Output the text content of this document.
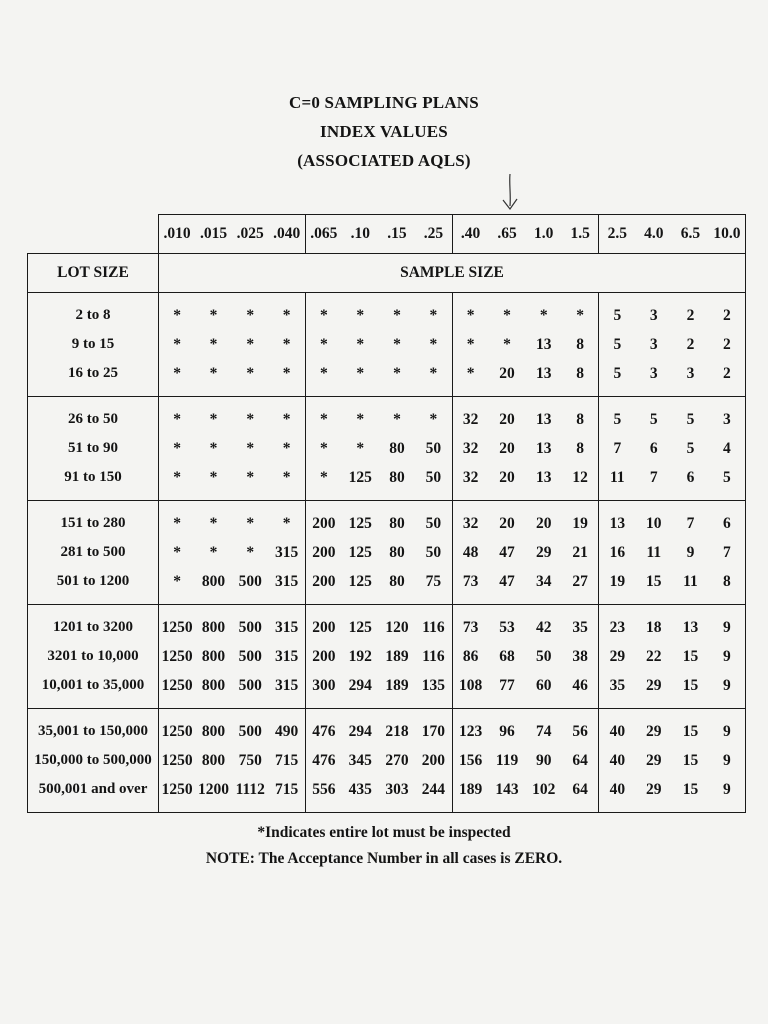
C=0 SAMPLING PLANS
INDEX VALUES
(ASSOCIATED AQLS)
	.010	.015	.025	.040	.065	.10	.15	.25	.40	.65	1.0	1.5	2.5	4.0	6.5	10.0
LOT SIZE	SAMPLE SIZE															
2 to 8	*	*	*	*	*	*	*	*	*	*	*	*	5	3	2	2
9 to 15	*	*	*	*	*	*	*	*	*	*	13	8	5	3	2	2
16 to 25	*	*	*	*	*	*	*	*	*	20	13	8	5	3	3	2
26 to 50	*	*	*	*	*	*	*	*	32	20	13	8	5	5	5	3
51 to 90	*	*	*	*	*	*	80	50	32	20	13	8	7	6	5	4
91 to 150	*	*	*	*	*	125	80	50	32	20	13	12	11	7	6	5
151 to 280	*	*	*	*	200	125	80	50	32	20	20	19	13	10	7	6
281 to 500	*	*	*	315	200	125	80	50	48	47	29	21	16	11	9	7
501 to 1200	*	800	500	315	200	125	80	75	73	47	34	27	19	15	11	8
1201 to 3200	1250	800	500	315	200	125	120	116	73	53	42	35	23	18	13	9
3201 to 10,000	1250	800	500	315	200	192	189	116	86	68	50	38	29	22	15	9
10,001 to 35,000	1250	800	500	315	300	294	189	135	108	77	60	46	35	29	15	9
35,001 to 150,000	1250	800	500	490	476	294	218	170	123	96	74	56	40	29	15	9
150,000 to 500,000	1250	800	750	715	476	345	270	200	156	119	90	64	40	29	15	9
500,001 and over	1250	1200	1112	715	556	435	303	244	189	143	102	64	40	29	15	9
*Indicates entire lot must be inspected
NOTE: The Acceptance Number in all cases is ZERO.
